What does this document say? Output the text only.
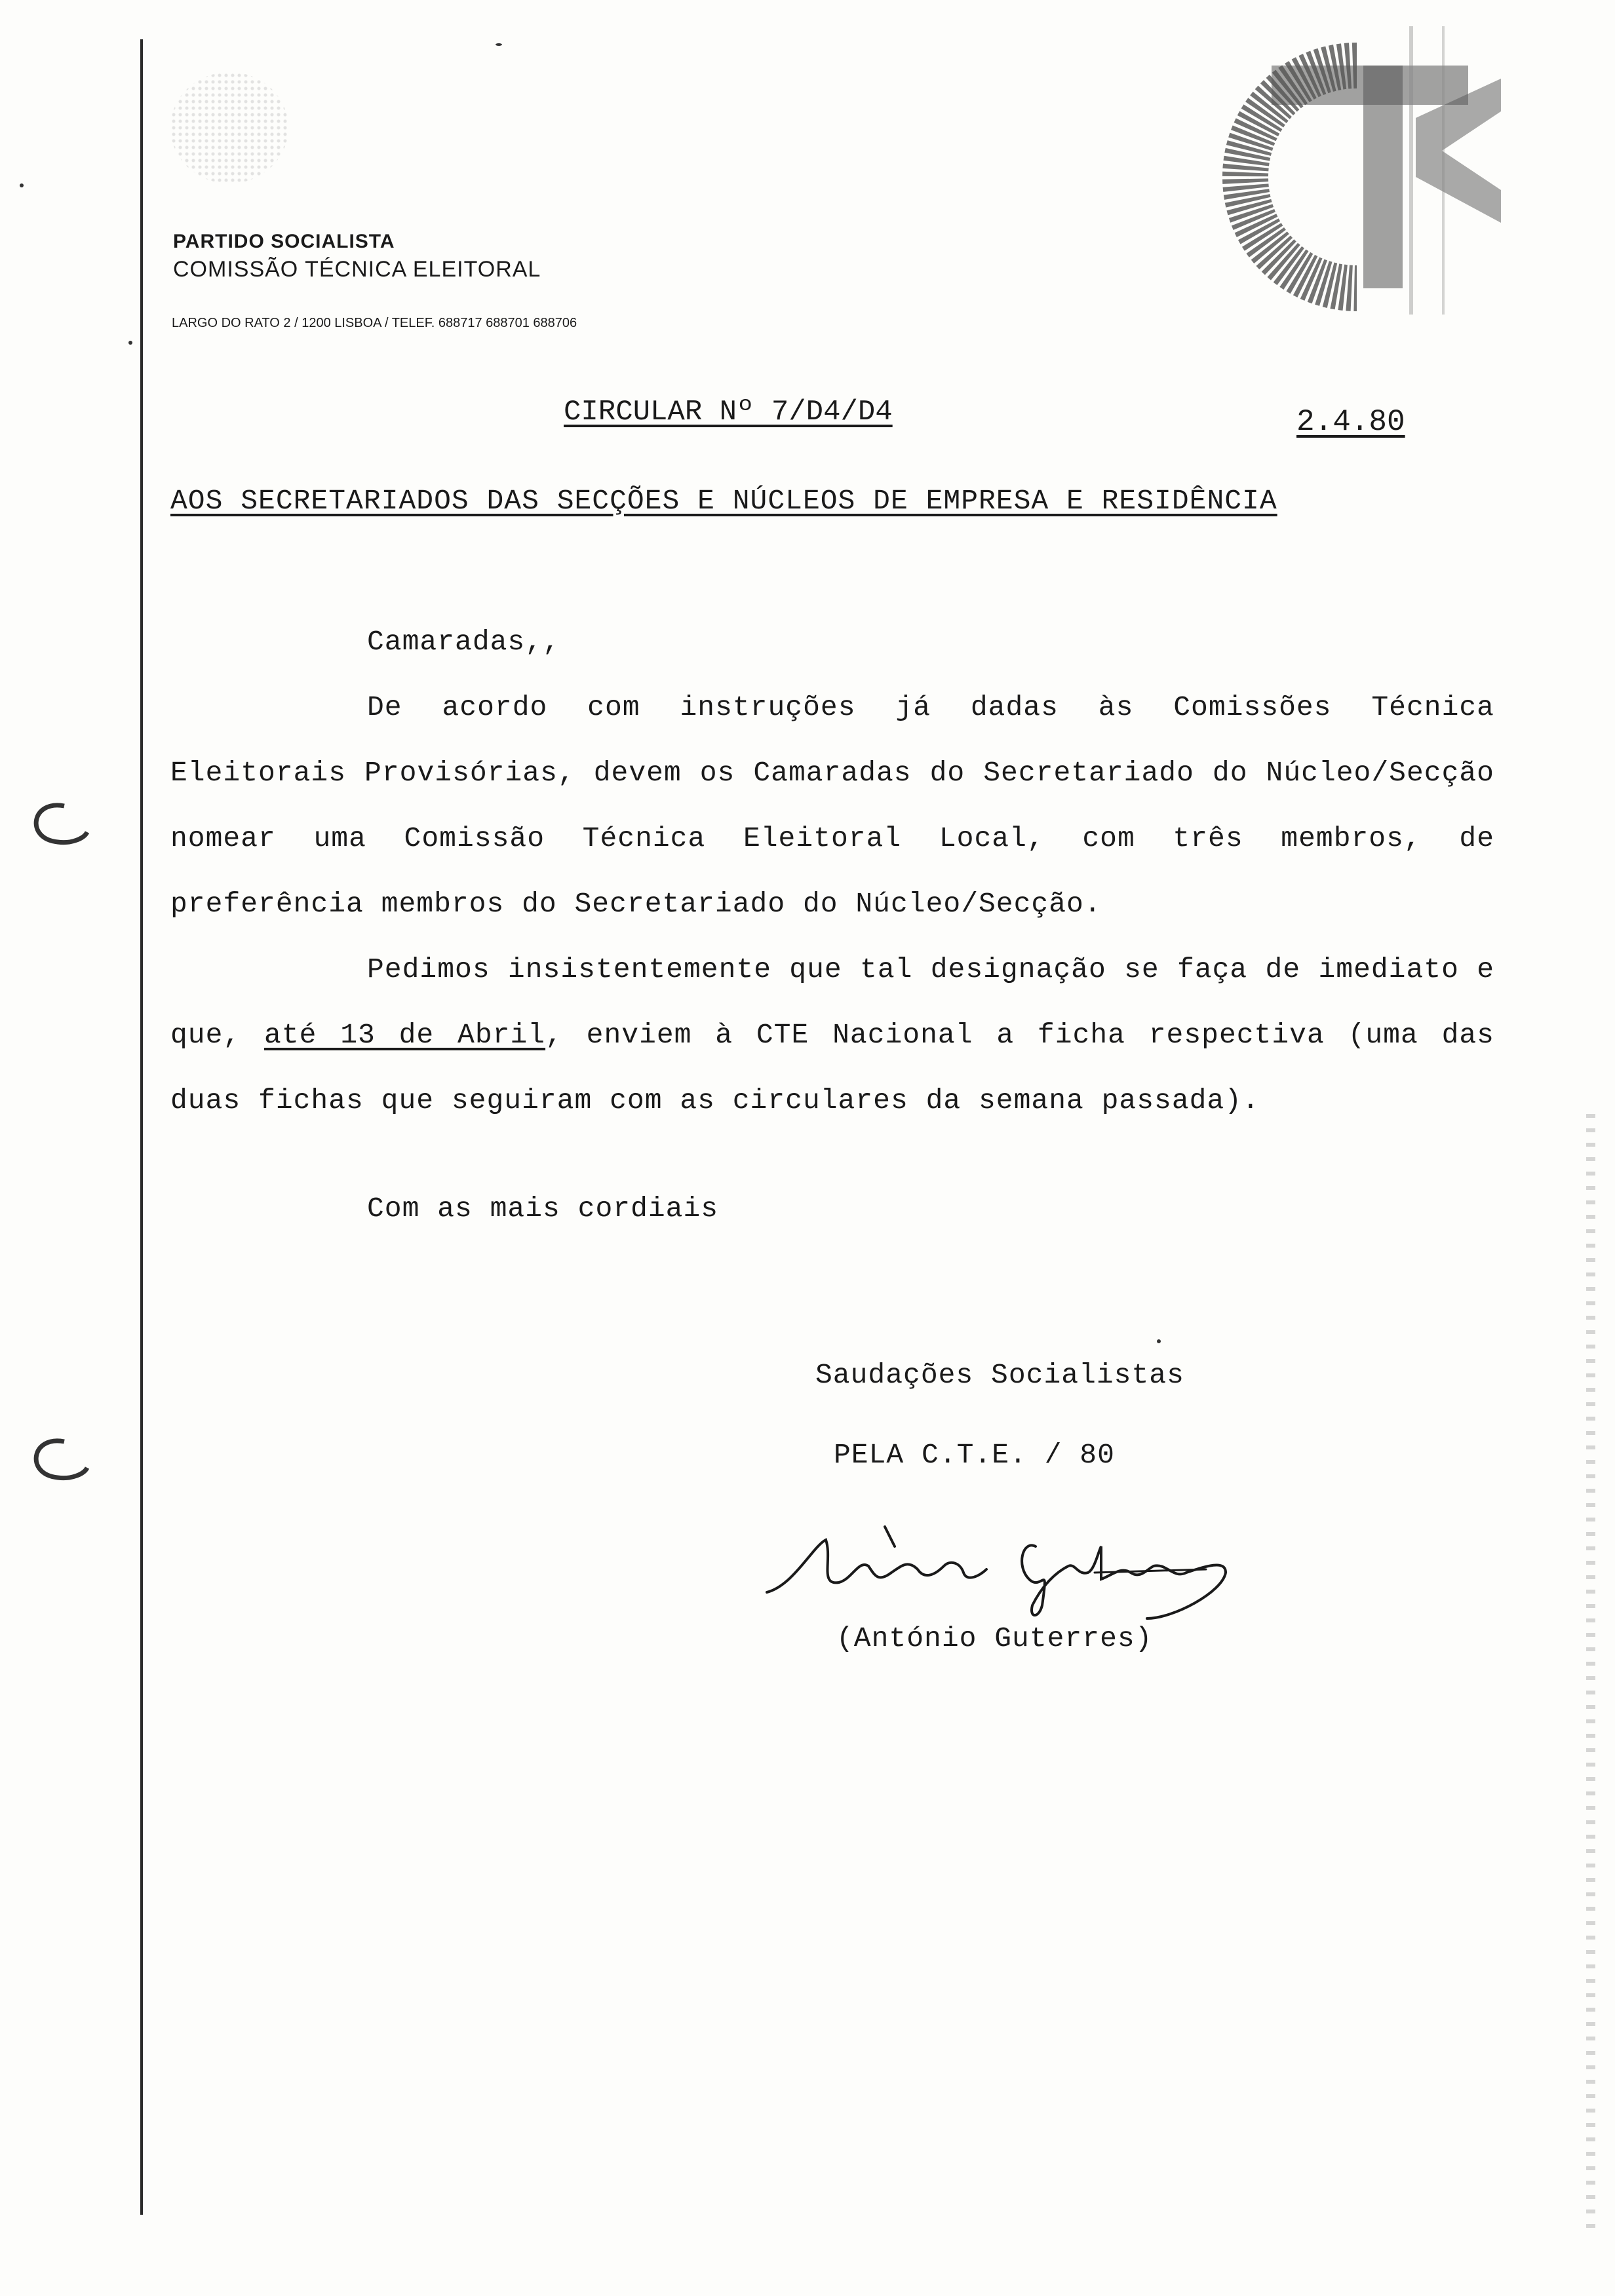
PARTIDO SOCIALISTA
COMISSÃO TÉCNICA ELEITORAL
LARGO DO RATO 2 / 1200 LISBOA / TELEF. 688717 688701 688706
CIRCULAR Nº 7/D4/D4	2.4.80
AOS SECRETARIADOS DAS SECÇÕES E NÚCLEOS DE EMPRESA E RESIDÊNCIA

Camaradas,,

De acordo com instruções já dadas às Comissões Técnica Eleitorais Provisórias, devem os Camaradas do Secretariado do Núcleo/Secção nomear uma Comissão Técnica Eleitoral Local, com três membros, de preferência membros do Secretariado do Núcleo/Secção.

Pedimos insistentemente que tal designação se faça de imediato e que, até 13 de Abril, enviem à CTE Nacional a ficha respectiva (uma das duas fichas que seguiram com as circulares da semana passada).

Com as mais cordiais
Saudações Socialistas
PELA C.T.E. / 80
(António Guterres)
